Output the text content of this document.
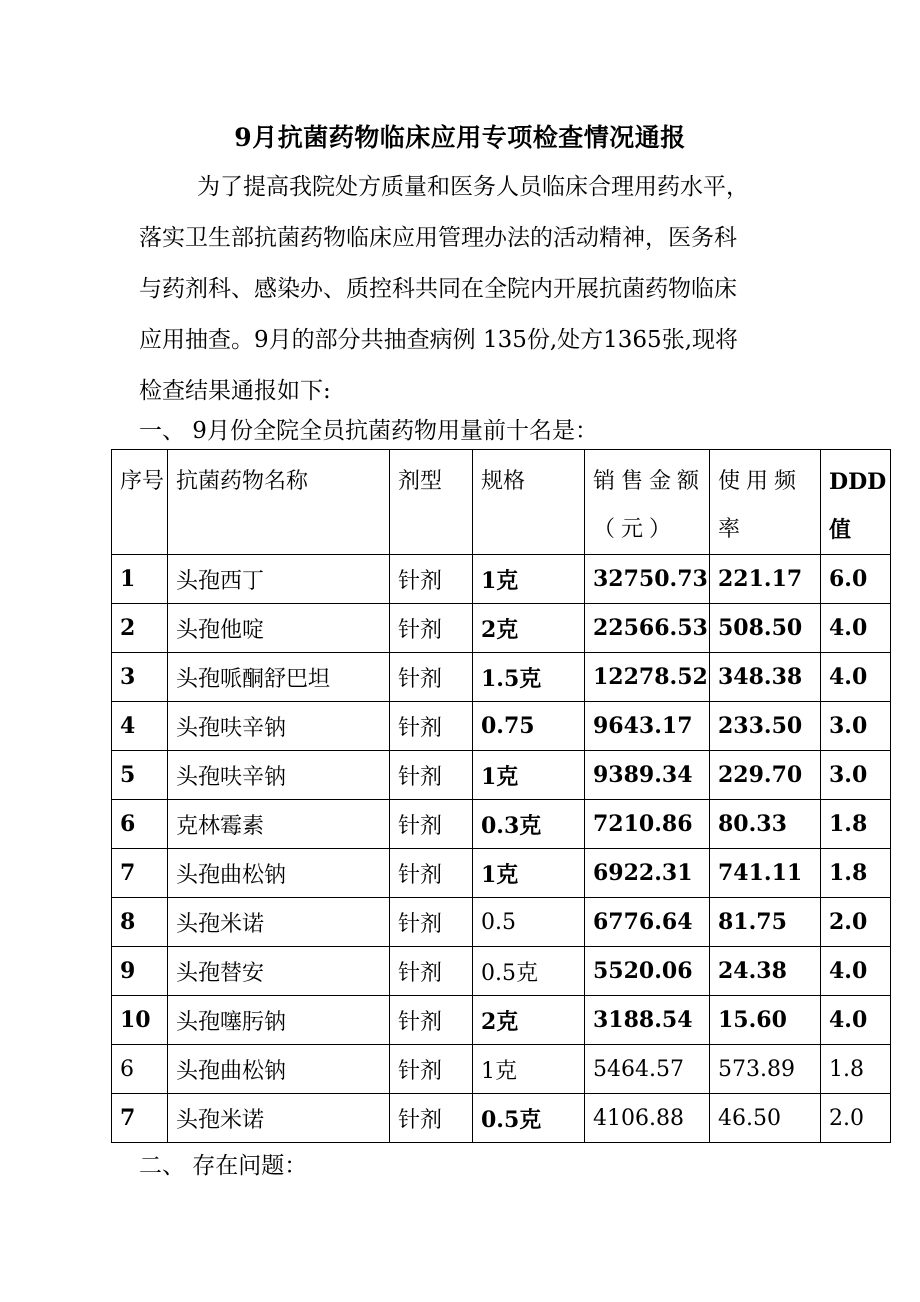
9月抗菌药物临床应用专项检查情况通报
为了提高我院处方质量和医务人员临床合理用药水平，
落实卫生部抗菌药物临床应用管理办法的活动精神，医务科
与药剂科、感染办、质控科共同在全院内开展抗菌药物临床
应用抽查。9月的部分共抽查病例 135份,处方1365张,现将
检查结果通报如下:
一、 9月份全院全员抗菌药物用量前十名是：
序号	抗菌药物名称	剂型	规格	销售金额（元）	使用频率	DDD值
1	头孢西丁	针剂	1克	32750.73	221.17	6.0
2	头孢他啶	针剂	2克	22566.53	508.50	4.0
3	头孢哌酮舒巴坦	针剂	1.5克	12278.52	348.38	4.0
4	头孢呋辛钠	针剂	0.75	9643.17	233.50	3.0
5	头孢呋辛钠	针剂	1克	9389.34	229.70	3.0
6	克林霉素	针剂	0.3克	7210.86	80.33	1.8
7	头孢曲松钠	针剂	1克	6922.31	741.11	1.8
8	头孢米诺	针剂	0.5	6776.64	81.75	2.0
9	头孢替安	针剂	0.5克	5520.06	24.38	4.0
10	头孢噻肟钠	针剂	2克	3188.54	15.60	4.0
6	头孢曲松钠	针剂	1克	5464.57	573.89	1.8
7	头孢米诺	针剂	0.5克	4106.88	46.50	2.0
二、 存在问题：
